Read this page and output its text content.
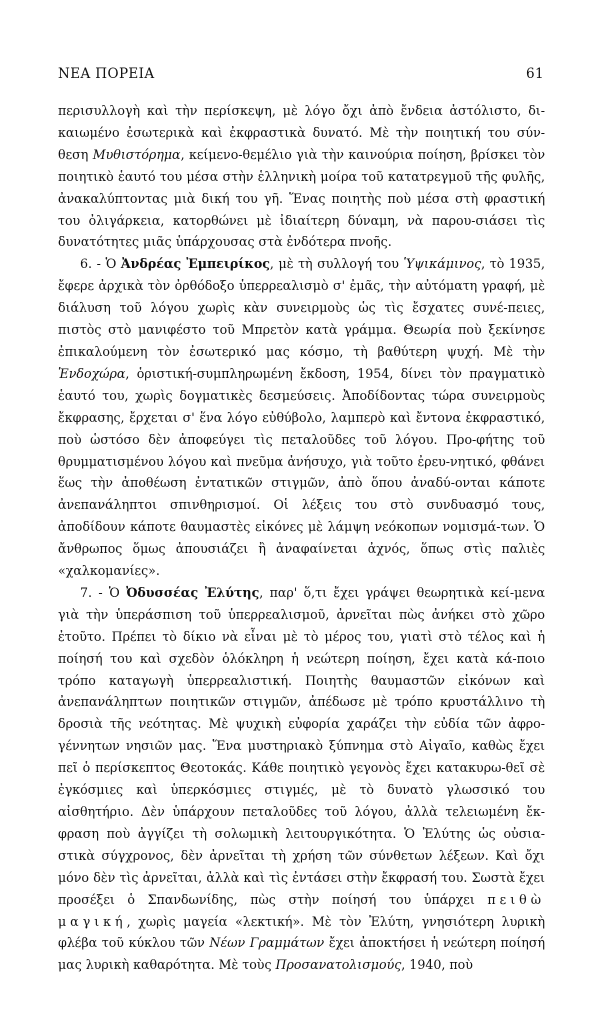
ΝΕΑ ΠΟΡΕΙΑ	61

περισυλλογὴ καὶ τὴν περίσκεψη, μὲ λόγο ὄχι ἀπὸ ἔνδεια ἀστόλιστο, δι-καιωμένο ἐσωτερικὰ καὶ ἐκφραστικὰ δυνατό. Μὲ τὴν ποιητική του σύν-θεση Μυθιστόρημα, κείμενο-θεμέλιο γιὰ τὴν καινούρια ποίηση, βρίσκει τὸν ποιητικὸ ἑαυτό του μέσα στὴν ἑλληνικὴ μοίρα τοῦ κατατρεγμοῦ τῆς φυλῆς, ἀνακαλύπτοντας μιὰ δική του γῆ. Ἕνας ποιητὴς ποὺ μέσα στὴ φραστική του ὀλιγάρκεια, κατορθώνει μὲ ἰδιαίτερη δύναμη, νὰ παρου-σιάσει τὶς δυνατότητες μιᾶς ὑπάρχουσας στὰ ἐνδότερα πνοῆς.

6. - Ὁ Ἀνδρέας Ἐμπειρίκος, μὲ τὴ συλλογή του Ὑψικάμινος, τὸ 1935, ἔφερε ἀρχικὰ τὸν ὀρθόδοξο ὑπερρεαλισμὸ σ' ἐμᾶς, τὴν αὐτόματη γραφή, μὲ διάλυση τοῦ λόγου χωρὶς κὰν συνειρμοὺς ὡς τὶς ἔσχατες συνέ-πειες, πιστὸς στὸ μανιφέστο τοῦ Μπρετὸν κατὰ γράμμα. Θεωρία ποὺ ξεκίνησε ἐπικαλούμενη τὸν ἐσωτερικό μας κόσμο, τὴ βαθύτερη ψυχή. Μὲ τὴν Ἐνδοχώρα, ὁριστική-συμπληρωμένη ἔκδοση, 1954, δίνει τὸν πραγματικὸ ἑαυτό του, χωρὶς δογματικὲς δεσμεύσεις. Ἀποδίδοντας τώρα συνειρμοὺς ἔκφρασης, ἔρχεται σ' ἕνα λόγο εὐθύβολο, λαμπερὸ καὶ ἔντονα ἐκφραστικό, ποὺ ὡστόσο δὲν ἀποφεύγει τὶς πεταλοῦδες τοῦ λόγου. Προ-φήτης τοῦ θρυμματισμένου λόγου καὶ πνεῦμα ἀνήσυχο, γιὰ τοῦτο ἐρευ-νητικό, φθάνει ἕως τὴν ἀποθέωση ἐντατικῶν στιγμῶν, ἀπὸ ὅπου ἀναδύ-ονται κάποτε ἀνεπανάληπτοι σπινθηρισμοί. Οἱ λέξεις του στὸ συνδυασμό τους, ἀποδίδουν κάποτε θαυμαστὲς εἰκόνες μὲ λάμψη νεόκοπων νομισμά-των. Ὁ ἄνθρωπος ὅμως ἀπουσιάζει ἢ ἀναφαίνεται ἀχνός, ὅπως στὶς παλιὲς «χαλκομανίες».

7. - Ὁ Ὀδυσσέας Ἐλύτης, παρ' ὅ,τι ἔχει γράψει θεωρητικὰ κεί-μενα γιὰ τὴν ὑπεράσπιση τοῦ ὑπερρεαλισμοῦ, ἀρνεῖται πὼς ἀνήκει στὸ χῶρο ἐτοῦτο. Πρέπει τὸ δίκιο νὰ εἶναι μὲ τὸ μέρος του, γιατὶ στὸ τέλος καὶ ἡ ποίησή του καὶ σχεδὸν ὁλόκληρη ἡ νεώτερη ποίηση, ἔχει κατὰ κά-ποιο τρόπο καταγωγὴ ὑπερρεαλιστική. Ποιητὴς θαυμαστῶν εἰκόνων καὶ ἀνεπανάληπτων ποιητικῶν στιγμῶν, ἀπέδωσε μὲ τρόπο κρυστάλλινο τὴ δροσιὰ τῆς νεότητας. Μὲ ψυχικὴ εὐφορία χαράζει τὴν εὐδία τῶν ἀφρο-γέννητων νησιῶν μας. Ἕνα μυστηριακὸ ξύπνημα στὸ Αἰγαῖο, καθὼς ἔχει πεῖ ὁ περίσκεπτος Θεοτοκάς. Κάθε ποιητικὸ γεγονὸς ἔχει κατακυρω-θεῖ σὲ ἐγκόσμιες καὶ ὑπερκόσμιες στιγμές, μὲ τὸ δυνατὸ γλωσσικό του αἰσθητήριο. Δὲν ὑπάρχουν πεταλοῦδες τοῦ λόγου, ἀλλὰ τελειωμένη ἔκ-φραση ποὺ ἀγγίζει τὴ σολωμικὴ λειτουργικότητα. Ὁ Ἐλύτης ὡς οὐσια-στικὰ σύγχρονος, δὲν ἀρνεῖται τὴ χρήση τῶν σύνθετων λέξεων. Καὶ ὄχι μόνο δὲν τὶς ἀρνεῖται, ἀλλὰ καὶ τὶς ἐντάσει στὴν ἔκφρασή του. Σωστὰ ἔχει προσέξει ὁ Σπανδωνίδης, πὼς στὴν ποίησή του ὑπάρχει πειθὼ μαγική, χωρὶς μαγεία «λεκτική». Μὲ τὸν Ἐλύτη, γνησιότερη λυρικὴ φλέβα τοῦ κύκλου τῶν Νέων Γραμμάτων ἔχει ἀποκτήσει ἡ νεώτερη ποίησή μας λυρικὴ καθαρότητα. Μὲ τοὺς Προσανατολισμούς, 1940, ποὺ
